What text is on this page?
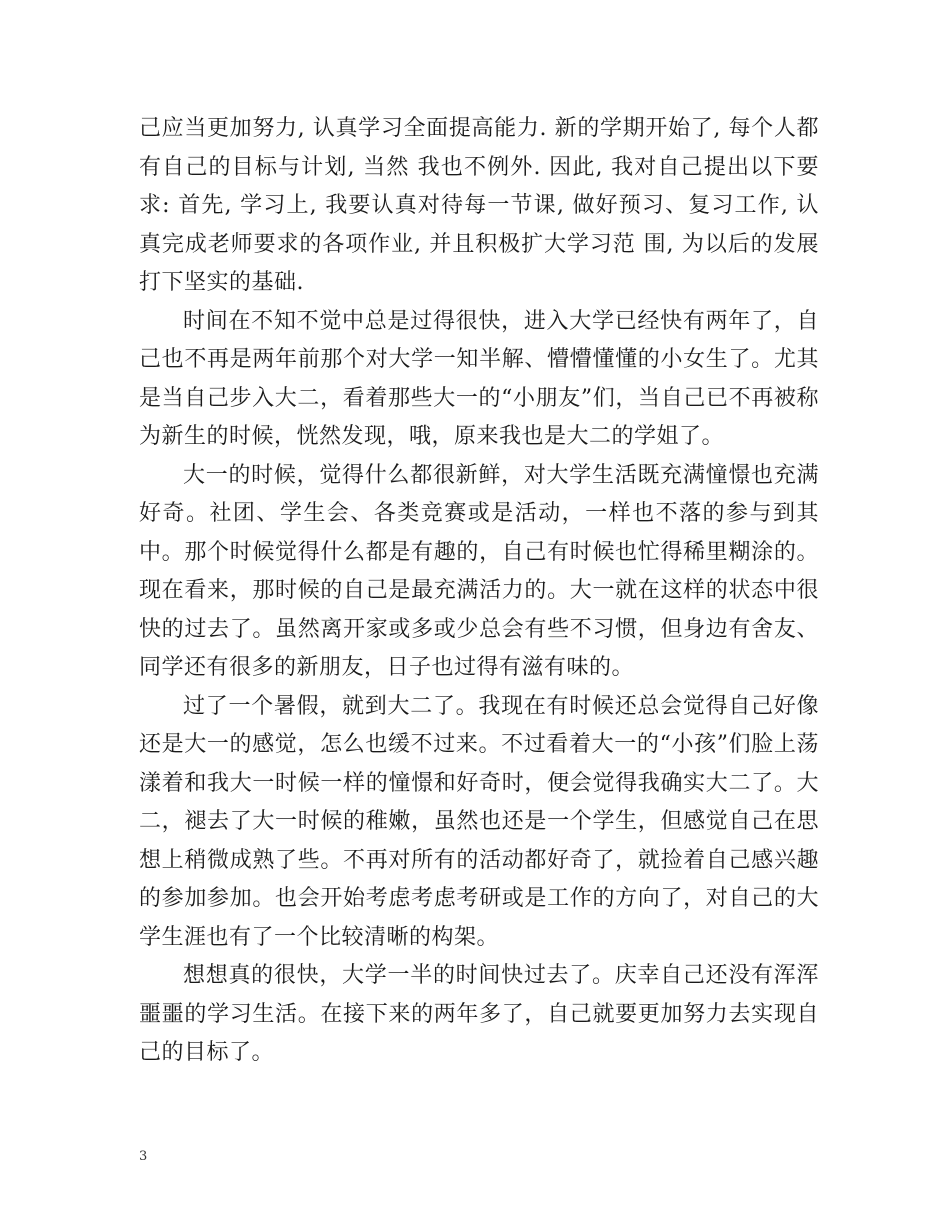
己应当更加努力, 认真学习全面提高能力. 新的学期开始了, 每个人都有自己的目标与计划, 当然 我也不例外. 因此, 我对自己提出以下要求: 首先, 学习上, 我要认真对待每一节课, 做好预习、复习工作, 认真完成老师要求的各项作业, 并且积极扩大学习范 围, 为以后的发展打下坚实的基础.

时间在不知不觉中总是过得很快，进入大学已经快有两年了，自己也不再是两年前那个对大学一知半解、懵懵懂懂的小女生了。尤其是当自己步入大二，看着那些大一的“小朋友”们，当自己已不再被称为新生的时候，恍然发现，哦，原来我也是大二的学姐了。

大一的时候，觉得什么都很新鲜，对大学生活既充满憧憬也充满好奇。社团、学生会、各类竞赛或是活动，一样也不落的参与到其中。那个时候觉得什么都是有趣的，自己有时候也忙得稀里糊涂的。现在看来，那时候的自己是最充满活力的。大一就在这样的状态中很快的过去了。虽然离开家或多或少总会有些不习惯，但身边有舍友、同学还有很多的新朋友，日子也过得有滋有味的。

过了一个暑假，就到大二了。我现在有时候还总会觉得自己好像还是大一的感觉，怎么也缓不过来。不过看着大一的“小孩”们脸上荡漾着和我大一时候一样的憧憬和好奇时，便会觉得我确实大二了。大二，褪去了大一时候的稚嫩，虽然也还是一个学生，但感觉自己在思想上稍微成熟了些。不再对所有的活动都好奇了，就捡着自己感兴趣的参加参加。也会开始考虑考虑考研或是工作的方向了，对自己的大学生涯也有了一个比较清晰的构架。

想想真的很快，大学一半的时间快过去了。庆幸自己还没有浑浑噩噩的学习生活。在接下来的两年多了，自己就要更加努力去实现自己的目标了。

3
